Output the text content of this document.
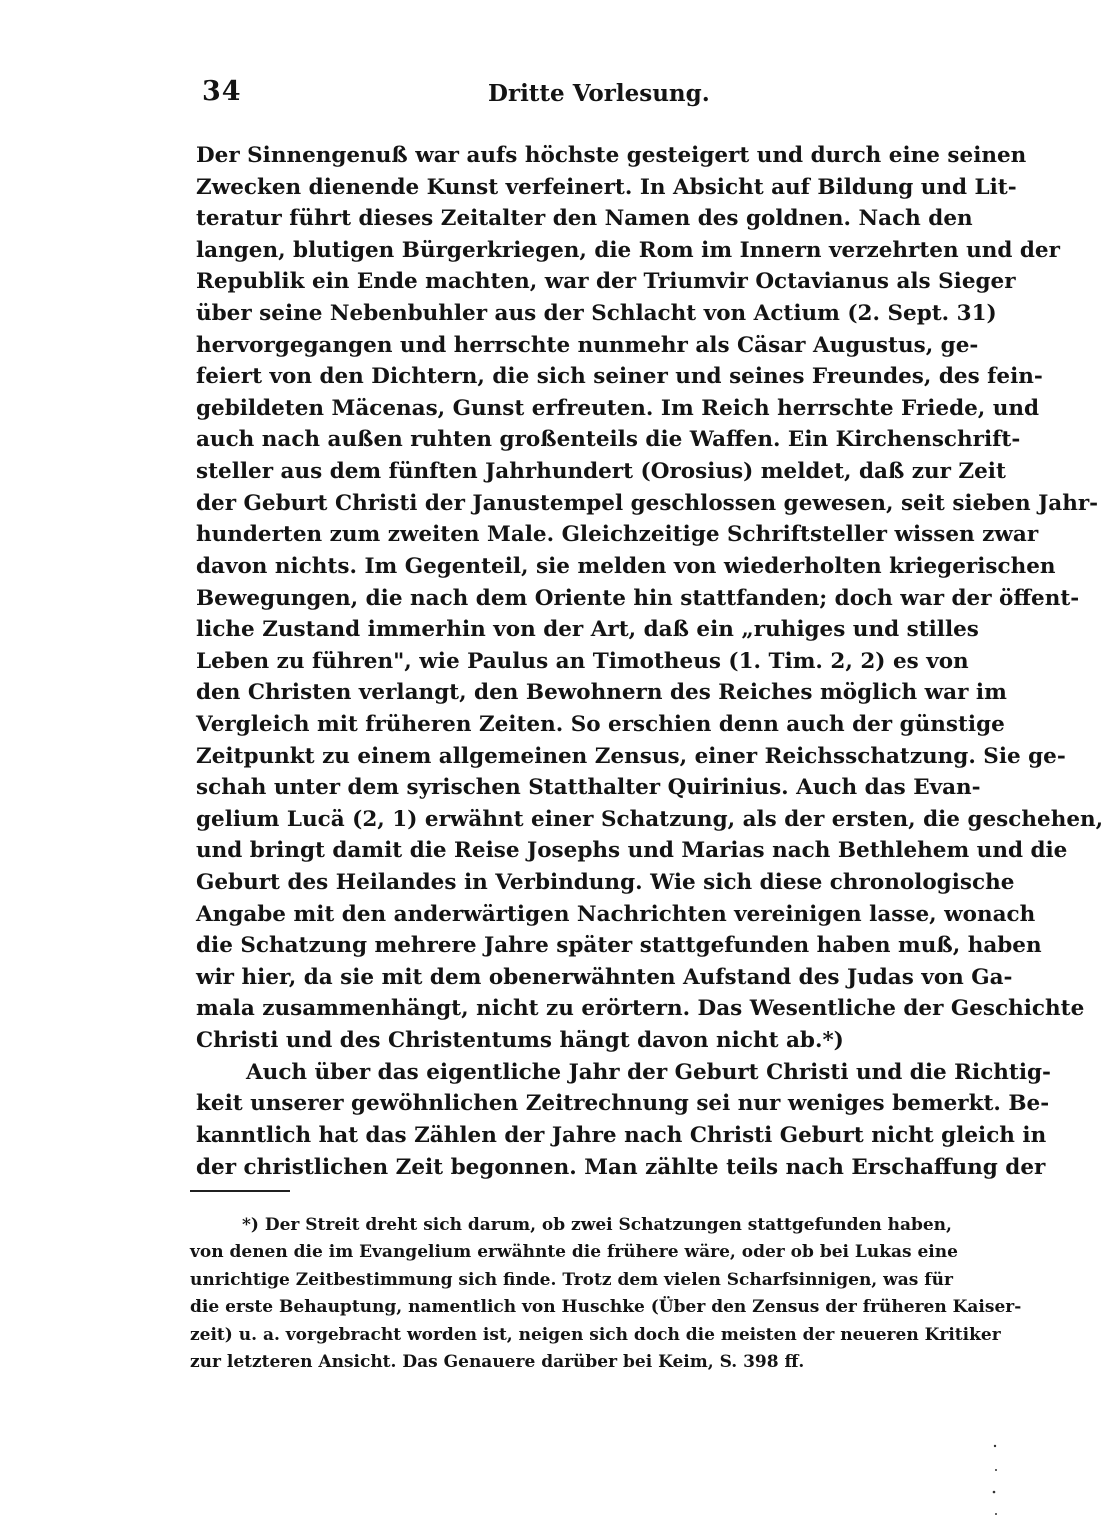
34	Dritte Vorlesung.
Der Sinnengenuß war aufs höchste gesteigert und durch eine seinen
Zwecken dienende Kunst verfeinert. In Absicht auf Bildung und Lit-
teratur führt dieses Zeitalter den Namen des goldnen. Nach den
langen, blutigen Bürgerkriegen, die Rom im Innern verzehrten und der
Republik ein Ende machten, war der Triumvir Octavianus als Sieger
über seine Nebenbuhler aus der Schlacht von Actium (2. Sept. 31)
hervorgegangen und herrschte nunmehr als Cäsar Augustus, ge-
feiert von den Dichtern, die sich seiner und seines Freundes, des fein-
gebildeten Mäcenas, Gunst erfreuten. Im Reich herrschte Friede, und
auch nach außen ruhten großenteils die Waffen. Ein Kirchenschrift-
steller aus dem fünften Jahrhundert (Orosius) meldet, daß zur Zeit
der Geburt Christi der Janustempel geschlossen gewesen, seit sieben Jahr-
hunderten zum zweiten Male. Gleichzeitige Schriftsteller wissen zwar
davon nichts. Im Gegenteil, sie melden von wiederholten kriegerischen
Bewegungen, die nach dem Oriente hin stattfanden; doch war der öffent-
liche Zustand immerhin von der Art, daß ein „ruhiges und stilles
Leben zu führen", wie Paulus an Timotheus (1. Tim. 2, 2) es von
den Christen verlangt, den Bewohnern des Reiches möglich war im
Vergleich mit früheren Zeiten. So erschien denn auch der günstige
Zeitpunkt zu einem allgemeinen Zensus, einer Reichsschatzung. Sie ge-
schah unter dem syrischen Statthalter Quirinius. Auch das Evan-
gelium Lucä (2, 1) erwähnt einer Schatzung, als der ersten, die geschehen,
und bringt damit die Reise Josephs und Marias nach Bethlehem und die
Geburt des Heilandes in Verbindung. Wie sich diese chronologische
Angabe mit den anderwärtigen Nachrichten vereinigen lasse, wonach
die Schatzung mehrere Jahre später stattgefunden haben muß, haben
wir hier, da sie mit dem obenerwähnten Aufstand des Judas von Ga-
mala zusammenhängt, nicht zu erörtern. Das Wesentliche der Geschichte
Christi und des Christentums hängt davon nicht ab.*)
Auch über das eigentliche Jahr der Geburt Christi und die Richtig-
keit unserer gewöhnlichen Zeitrechnung sei nur weniges bemerkt. Be-
kanntlich hat das Zählen der Jahre nach Christi Geburt nicht gleich in
der christlichen Zeit begonnen. Man zählte teils nach Erschaffung der
*) Der Streit dreht sich darum, ob zwei Schatzungen stattgefunden haben,
von denen die im Evangelium erwähnte die frühere wäre, oder ob bei Lukas eine
unrichtige Zeitbestimmung sich finde. Trotz dem vielen Scharfsinnigen, was für
die erste Behauptung, namentlich von Huschke (Über den Zensus der früheren Kaiser-
zeit) u. a. vorgebracht worden ist, neigen sich doch die meisten der neueren Kritiker
zur letzteren Ansicht. Das Genauere darüber bei Keim, S. 398 ff.
